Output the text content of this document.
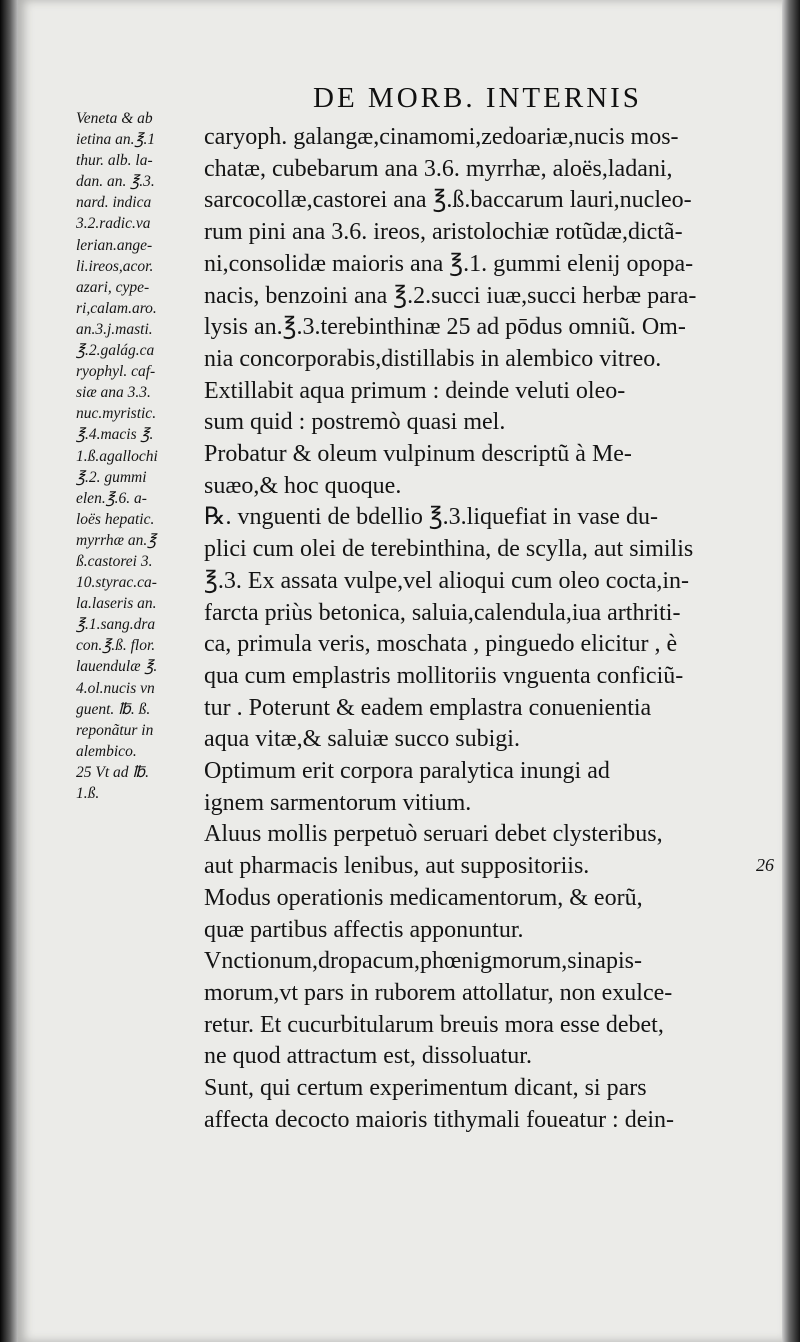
DE MORB. INTERNIS
Veneta & ab
ietina an.℥.1
thur. alb. la-
dan. an. ℥.3.
nard. indica
3.2.radic.va
lerian.ange-
li.ireos,acor.
azari, cype-
ri,calam.aro.
an.3.j.masti.
℥.2.galág.ca
ryophyl. caf-
siæ ana 3.3.
nuc.myristic.
℥.4.macis ℥.
1.ß.agallochi
℥.2. gummi
elen.℥.6. a-
loës hepatic.
myrrhæ an.℥
ß.castorei 3.
10.styrac.ca-
la.laseris an.
℥.1.sang.dra
con.℥.ß. flor.
lauendulæ ℥.
4.ol.nucis vn
guent. ℔. ß.
reponãtur in
alembico.
25 Vt ad ℔.
1.ß.
caryoph. galangæ,cinamomi,zedoariæ,nucis mos-
chatæ, cubebarum ana 3.6. myrrhæ, aloës,ladani,
sarcocollæ,castorei ana ℥.ß.baccarum lauri,nucleo-
rum pini ana 3.6. ireos, aristolochiæ rotũdæ,dictã-
ni,consolidæ maioris ana ℥.1. gummi elenij opopa-
nacis, benzoini ana ℥.2.succi iuæ,succi herbæ para-
lysis an.℥.3.terebinthinæ 25 ad pōdus omniũ. Om-
nia concorporabis,distillabis in alembico vitreo.
Extillabit aqua primum : deinde veluti oleo-
sum quid : postremò quasi mel.
Probatur & oleum vulpinum descriptũ à Me-
suæo,& hoc quoque.
℞. vnguenti de bdellio ℥.3.liquefiat in vase du-
plici cum olei de terebinthina, de scylla, aut similis
℥.3. Ex assata vulpe,vel alioqui cum oleo cocta,in-
farcta priùs betonica, saluia,calendula,iua arthriti-
ca, primula veris, moschata , pinguedo elicitur , è
qua cum emplastris mollitoriis vnguenta conficiũ-
tur . Poterunt & eadem emplastra conuenientia
aqua vitæ,& saluiæ succo subigi.
Optimum erit corpora paralytica inungi ad
ignem sarmentorum vitium.
Aluus mollis perpetuò seruari debet clysteribus,
aut pharmacis lenibus, aut suppositoriis.
Modus operationis medicamentorum, & eorũ,
quæ partibus affectis apponuntur.
Vnctionum,dropacum,phœnigmorum,sinapis-
morum,vt pars in ruborem attollatur, non exulce-
retur. Et cucurbitularum breuis mora esse debet,
ne quod attractum est, dissoluatur.
Sunt, qui certum experimentum dicant, si pars
affecta decocto maioris tithymali foueatur : dein-
26
